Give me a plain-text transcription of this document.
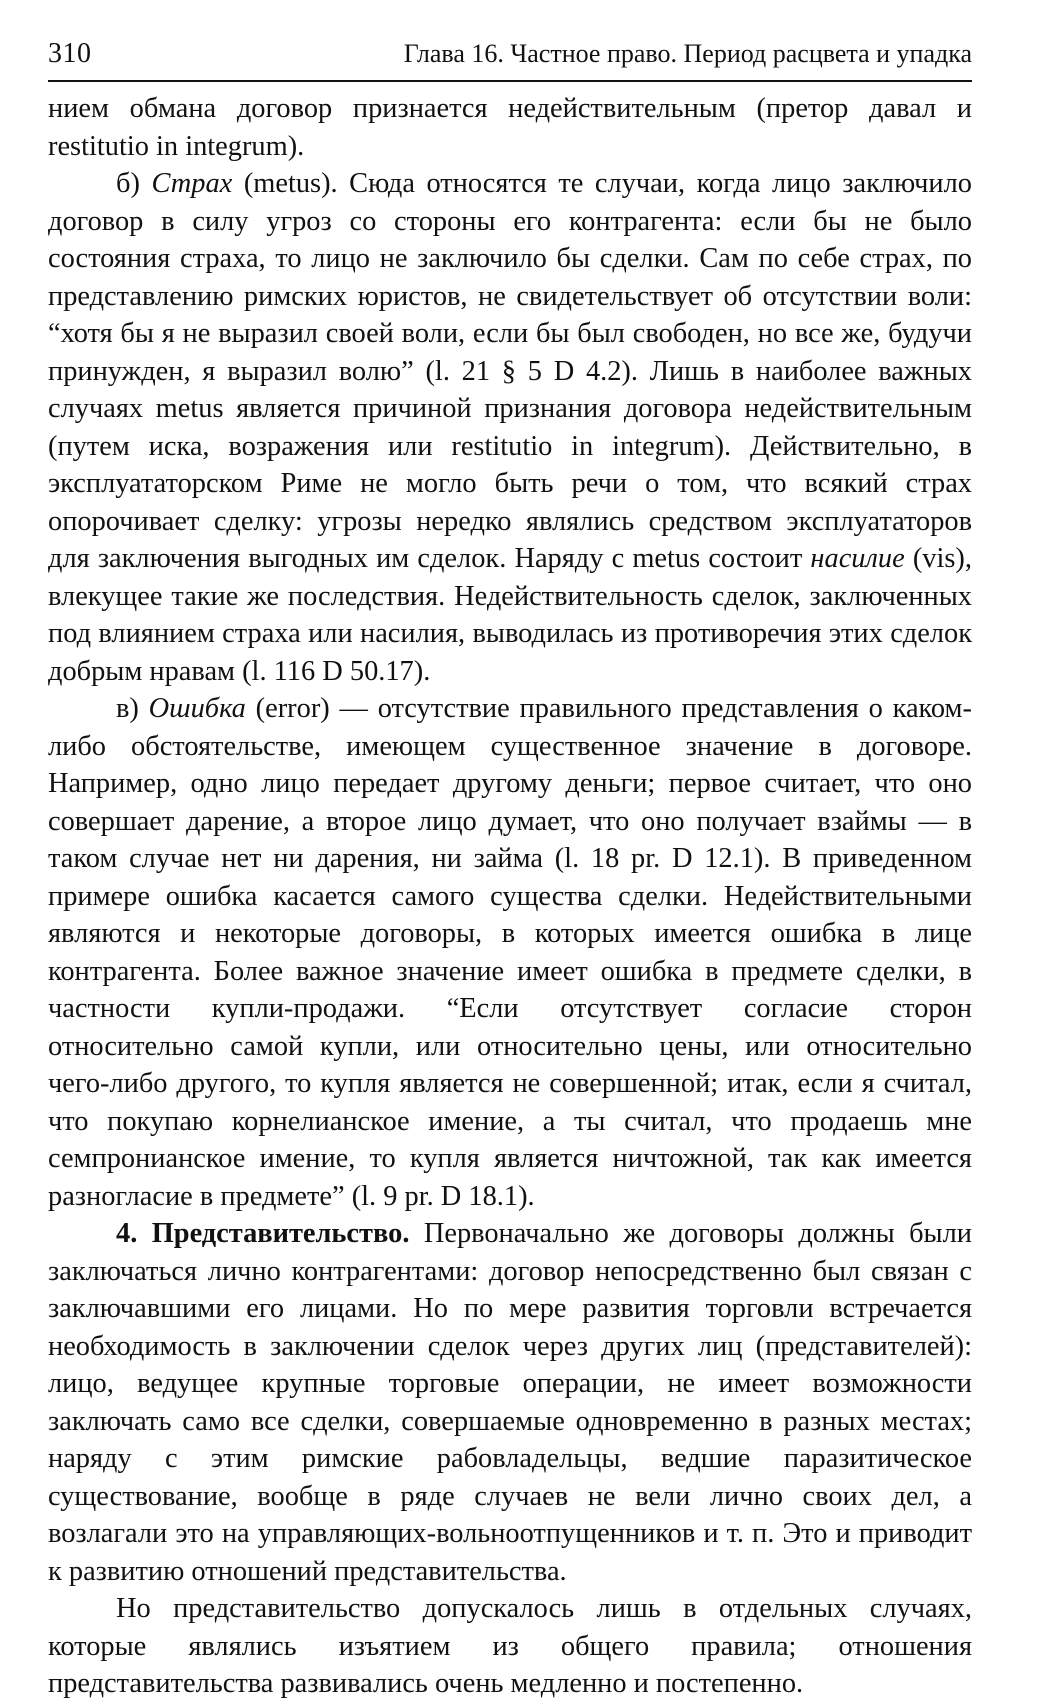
310	Глава 16. Частное право. Период расцвета и упадка

нием обмана договор признается недействительным (претор давал и restitutio in integrum).

б) Страх (metus). Сюда относятся те случаи, когда лицо заключило договор в силу угроз со стороны его контрагента: если бы не было состояния страха, то лицо не заключило бы сделки. Сам по себе страх, по представлению римских юристов, не свидетельствует об отсутствии воли: “хотя бы я не выразил своей воли, если бы был свободен, но все же, будучи принужден, я выразил волю” (l. 21 § 5 D 4.2). Лишь в наиболее важных случаях metus является причиной признания договора недействительным (путем иска, возражения или restitutio in integrum). Действительно, в эксплуататорском Риме не могло быть речи о том, что всякий страх опорочивает сделку: угрозы нередко являлись средством эксплуататоров для заключения выгодных им сделок. Наряду с metus состоит насилие (vis), влекущее такие же последствия. Недействительность сделок, заключенных под влиянием страха или насилия, выводилась из противоречия этих сделок добрым нравам (l. 116 D 50.17).

в) Ошибка (error) — отсутствие правильного представления о каком-либо обстоятельстве, имеющем существенное значение в договоре. Например, одно лицо передает другому деньги; первое считает, что оно совершает дарение, а второе лицо думает, что оно получает взаймы — в таком случае нет ни дарения, ни займа (l. 18 pr. D 12.1). В приведенном примере ошибка касается самого существа сделки. Недействительными являются и некоторые договоры, в которых имеется ошибка в лице контрагента. Более важное значение имеет ошибка в предмете сделки, в частности купли-продажи. “Если отсутствует согласие сторон относительно самой купли, или относительно цены, или относительно чего-либо другого, то купля является не совершенной; итак, если я считал, что покупаю корнелианское имение, а ты считал, что продаешь мне семпронианское имение, то купля является ничтожной, так как имеется разногласие в предмете” (l. 9 pr. D 18.1).

4. Представительство. Первоначально же договоры должны были заключаться лично контрагентами: договор непосредственно был связан с заключавшими его лицами. Но по мере развития торговли встречается необходимость в заключении сделок через других лиц (представителей): лицо, ведущее крупные торговые операции, не имеет возможности заключать само все сделки, совершаемые одновременно в разных местах; наряду с этим римские рабовладельцы, ведшие паразитическое существование, вообще в ряде случаев не вели лично своих дел, а возлагали это на управляющих-вольноотпущенников и т. п. Это и приводит к развитию отношений представительства.

Но представительство допускалось лишь в отдельных случаях, которые являлись изъятием из общего правила; отношения представительства развивались очень медленно и постепенно.
